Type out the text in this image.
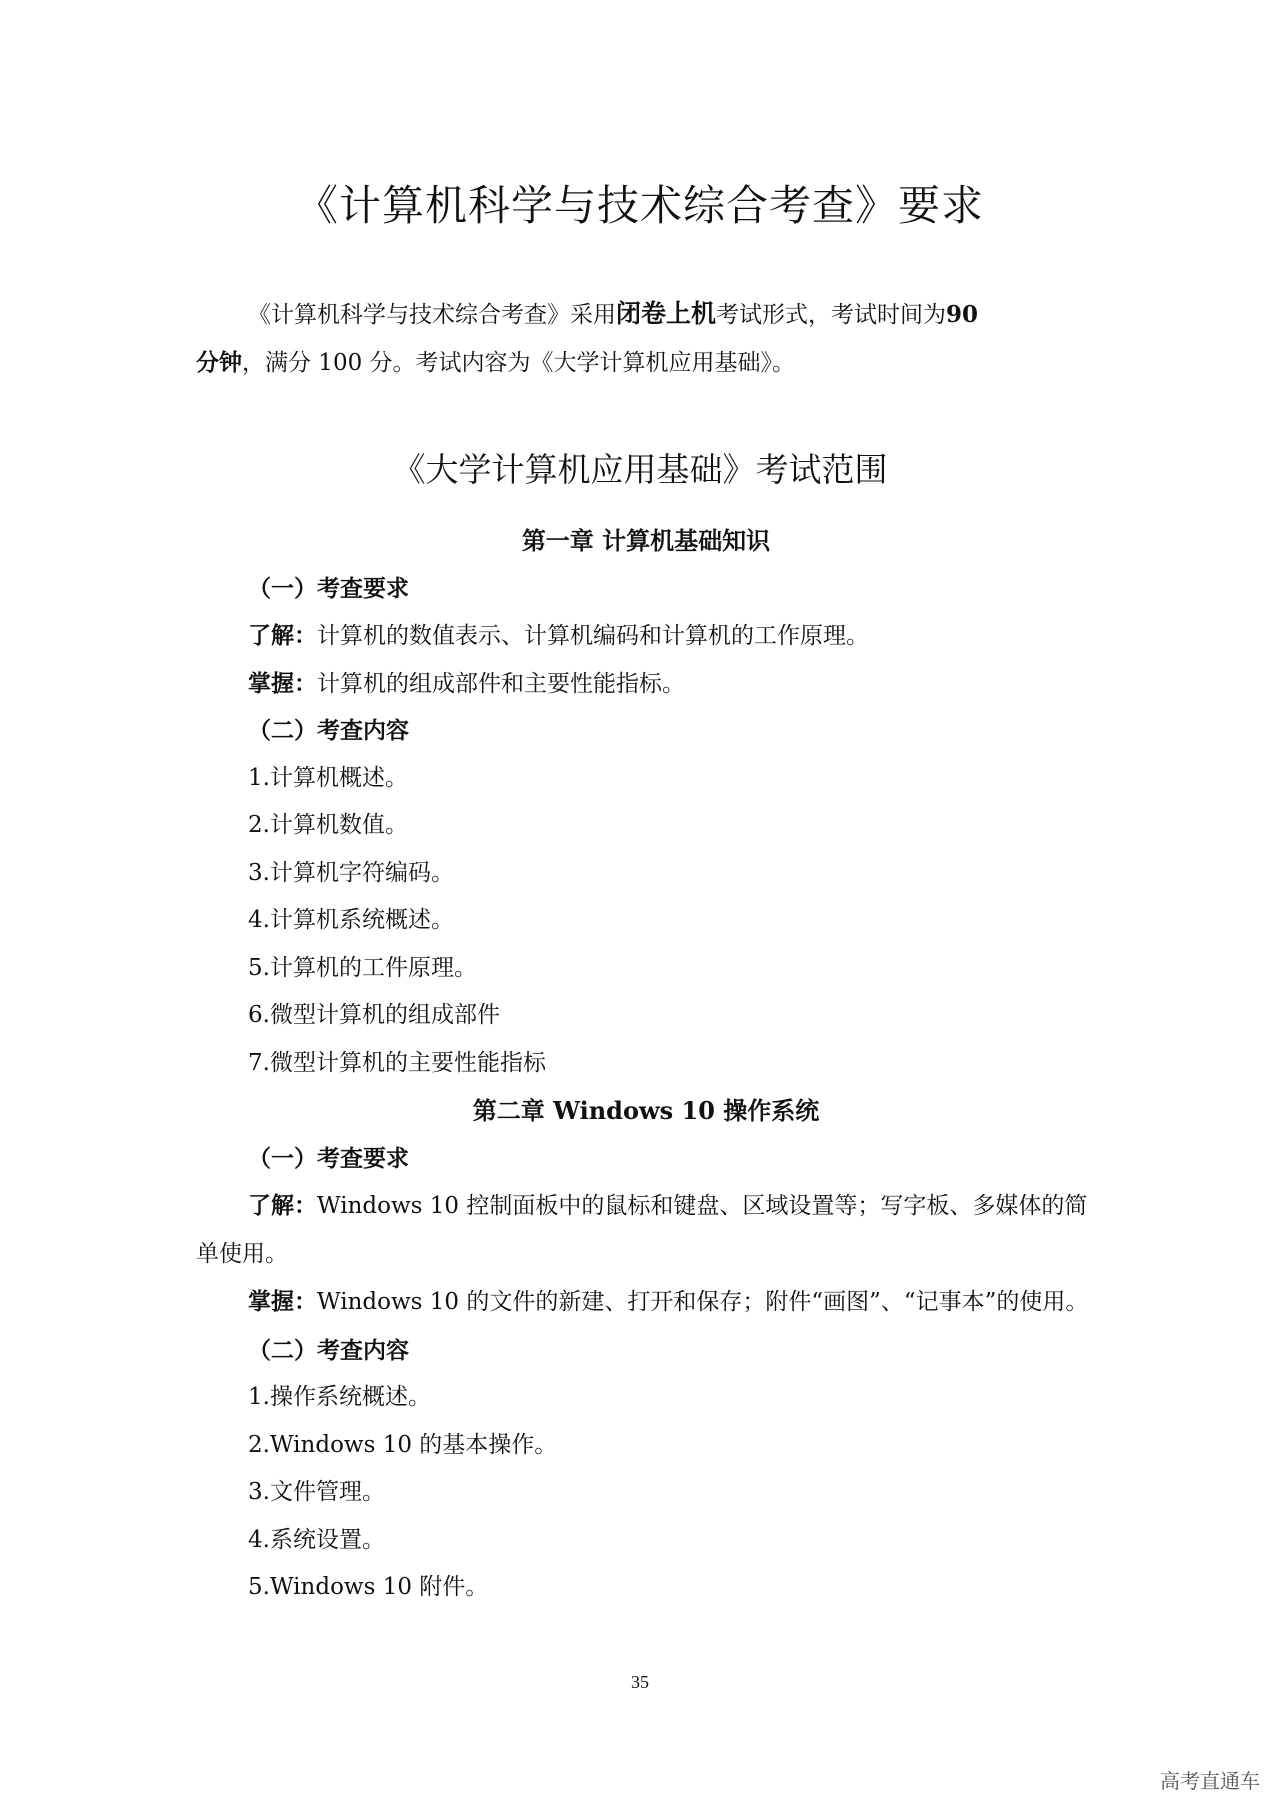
《计算机科学与技术综合考查》要求

《计算机科学与技术综合考查》采用闭卷上机考试形式，考试时间为90
分钟，满分 100 分。考试内容为《大学计算机应用基础》。

《大学计算机应用基础》考试范围
第一章 计算机基础知识
（一）考查要求
了解：计算机的数值表示、计算机编码和计算机的工作原理。
掌握：计算机的组成部件和主要性能指标。
（二）考查内容
1.计算机概述。
2.计算机数值。
3.计算机字符编码。
4.计算机系统概述。
5.计算机的工件原理。
6.微型计算机的组成部件
7.微型计算机的主要性能指标
第二章 Windows 10 操作系统
（一）考查要求

了解：Windows 10 控制面板中的鼠标和键盘、区域设置等；写字板、多媒体的简单使用。

掌握：Windows 10 的文件的新建、打开和保存；附件“画图”、“记事本”的使用。

（二）考查内容
1.操作系统概述。
2.Windows 10 的基本操作。
3.文件管理。
4.系统设置。
5.Windows 10 附件。
35
高考直通车
